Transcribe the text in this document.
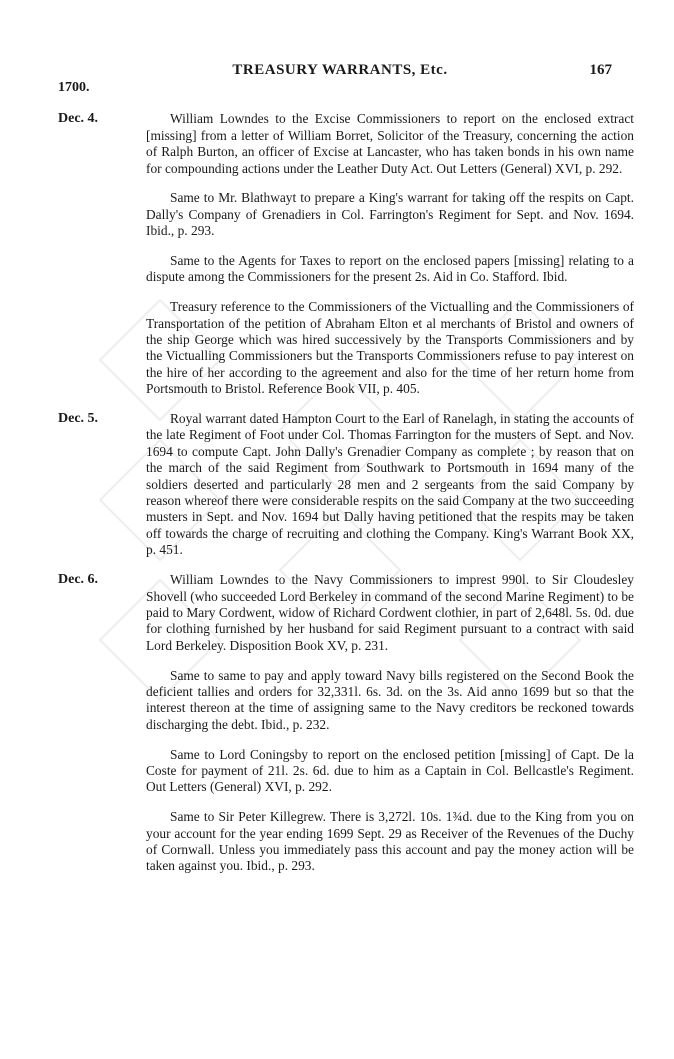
TREASURY WARRANTS, Etc.	167
1700.
Dec. 4.	William Lowndes to the Excise Commissioners to report on the enclosed extract [missing] from a letter of William Borret, Solicitor of the Treasury, concerning the action of Ralph Burton, an officer of Excise at Lancaster, who has taken bonds in his own name for compounding actions under the Leather Duty Act. Out Letters (General) XVI, p. 292.

Same to Mr. Blathwayt to prepare a King's warrant for taking off the respits on Capt. Dally's Company of Grenadiers in Col. Farrington's Regiment for Sept. and Nov. 1694. Ibid., p. 293.

Same to the Agents for Taxes to report on the enclosed papers [missing] relating to a dispute among the Commissioners for the present 2s. Aid in Co. Stafford. Ibid.

Treasury reference to the Commissioners of the Victualling and the Commissioners of Transportation of the petition of Abraham Elton et al merchants of Bristol and owners of the ship George which was hired successively by the Transports Commissioners and by the Victualling Commissioners but the Transports Commissioners refuse to pay interest on the hire of her according to the agreement and also for the time of her return home from Portsmouth to Bristol. Reference Book VII, p. 405.

Dec. 5.	Royal warrant dated Hampton Court to the Earl of Ranelagh, in stating the accounts of the late Regiment of Foot under Col. Thomas Farrington for the musters of Sept. and Nov. 1694 to compute Capt. John Dally's Grenadier Company as complete ; by reason that on the march of the said Regiment from Southwark to Portsmouth in 1694 many of the soldiers deserted and particularly 28 men and 2 sergeants from the said Company by reason whereof there were considerable respits on the said Company at the two succeeding musters in Sept. and Nov. 1694 but Dally having petitioned that the respits may be taken off towards the charge of recruiting and clothing the Company. King's Warrant Book XX, p. 451.

Dec. 6.	William Lowndes to the Navy Commissioners to imprest 990l. to Sir Cloudesley Shovell (who succeeded Lord Berkeley in command of the second Marine Regiment) to be paid to Mary Cordwent, widow of Richard Cordwent clothier, in part of 2,648l. 5s. 0d. due for clothing furnished by her husband for said Regiment pursuant to a contract with said Lord Berkeley. Disposition Book XV, p. 231.

Same to same to pay and apply toward Navy bills registered on the Second Book the deficient tallies and orders for 32,331l. 6s. 3d. on the 3s. Aid anno 1699 but so that the interest thereon at the time of assigning same to the Navy creditors be reckoned towards discharging the debt. Ibid., p. 232.

Same to Lord Coningsby to report on the enclosed petition [missing] of Capt. De la Coste for payment of 21l. 2s. 6d. due to him as a Captain in Col. Bellcastle's Regiment. Out Letters (General) XVI, p. 292.

Same to Sir Peter Killegrew. There is 3,272l. 10s. 1¾d. due to the King from you on your account for the year ending 1699 Sept. 29 as Receiver of the Revenues of the Duchy of Cornwall. Unless you immediately pass this account and pay the money action will be taken against you. Ibid., p. 293.
